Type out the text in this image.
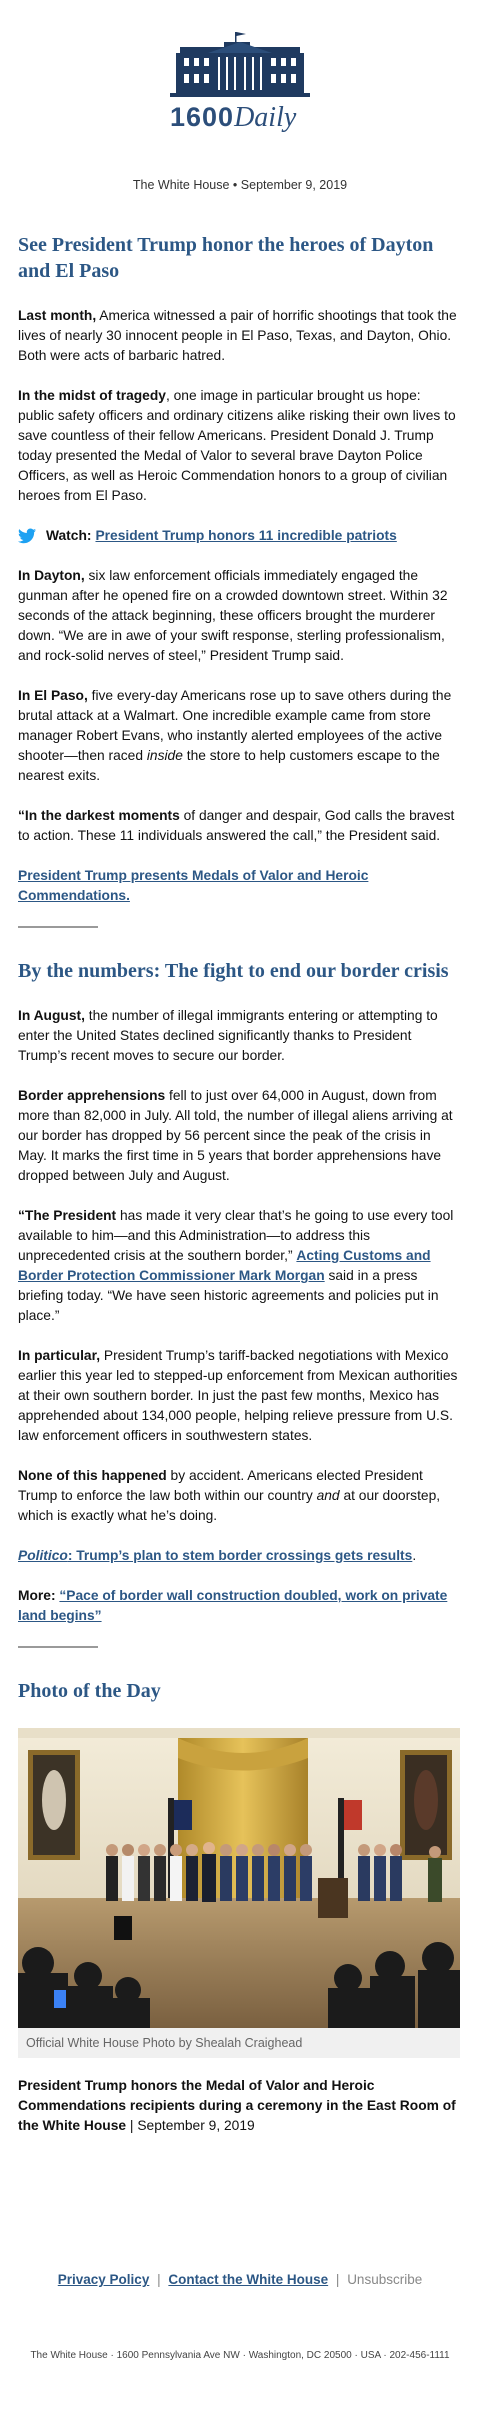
1600Daily
The White House • September 9, 2019
See President Trump honor the heroes of Dayton and El Paso

Last month, America witnessed a pair of horrific shootings that took the lives of nearly 30 innocent people in El Paso, Texas, and Dayton, Ohio. Both were acts of barbaric hatred.

In the midst of tragedy, one image in particular brought us hope: public safety officers and ordinary citizens alike risking their own lives to save countless of their fellow Americans. President Donald J. Trump today presented the Medal of Valor to several brave Dayton Police Officers, as well as Heroic Commendation honors to a group of civilian heroes from El Paso.

Watch: President Trump honors 11 incredible patriots

In Dayton, six law enforcement officials immediately engaged the gunman after he opened fire on a crowded downtown street. Within 32 seconds of the attack beginning, these officers brought the murderer down. “We are in awe of your swift response, sterling professionalism, and rock-solid nerves of steel,” President Trump said.

In El Paso, five every-day Americans rose up to save others during the brutal attack at a Walmart. One incredible example came from store manager Robert Evans, who instantly alerted employees of the active shooter—then raced inside the store to help customers escape to the nearest exits.

“In the darkest moments of danger and despair, God calls the bravest to action. These 11 individuals answered the call,” the President said.

President Trump presents Medals of Valor and Heroic Commendations.

By the numbers: The fight to end our border crisis

In August, the number of illegal immigrants entering or attempting to enter the United States declined significantly thanks to President Trump’s recent moves to secure our border.

Border apprehensions fell to just over 64,000 in August, down from more than 82,000 in July. All told, the number of illegal aliens arriving at our border has dropped by 56 percent since the peak of the crisis in May. It marks the first time in 5 years that border apprehensions have dropped between July and August.

“The President has made it very clear that’s he going to use every tool available to him—and this Administration—to address this unprecedented crisis at the southern border,” Acting Customs and Border Protection Commissioner Mark Morgan said in a press briefing today. “We have seen historic agreements and policies put in place.”

In particular, President Trump’s tariff-backed negotiations with Mexico earlier this year led to stepped-up enforcement from Mexican authorities at their own southern border. In just the past few months, Mexico has apprehended about 134,000 people, helping relieve pressure from U.S. law enforcement officers in southwestern states.

None of this happened by accident. Americans elected President Trump to enforce the law both within our country and at our doorstep, which is exactly what he’s doing.

Politico: Trump’s plan to stem border crossings gets results.

More: “Pace of border wall construction doubled, work on private land begins”

Photo of the Day
Official White House Photo by Shealah Craighead

President Trump honors the Medal of Valor and Heroic Commendations recipients during a ceremony in the East Room of the White House | September 9, 2019

Privacy Policy | Contact the White House | Unsubscribe
The White House · 1600 Pennsylvania Ave NW · Washington, DC 20500 · USA · 202-456-1111
